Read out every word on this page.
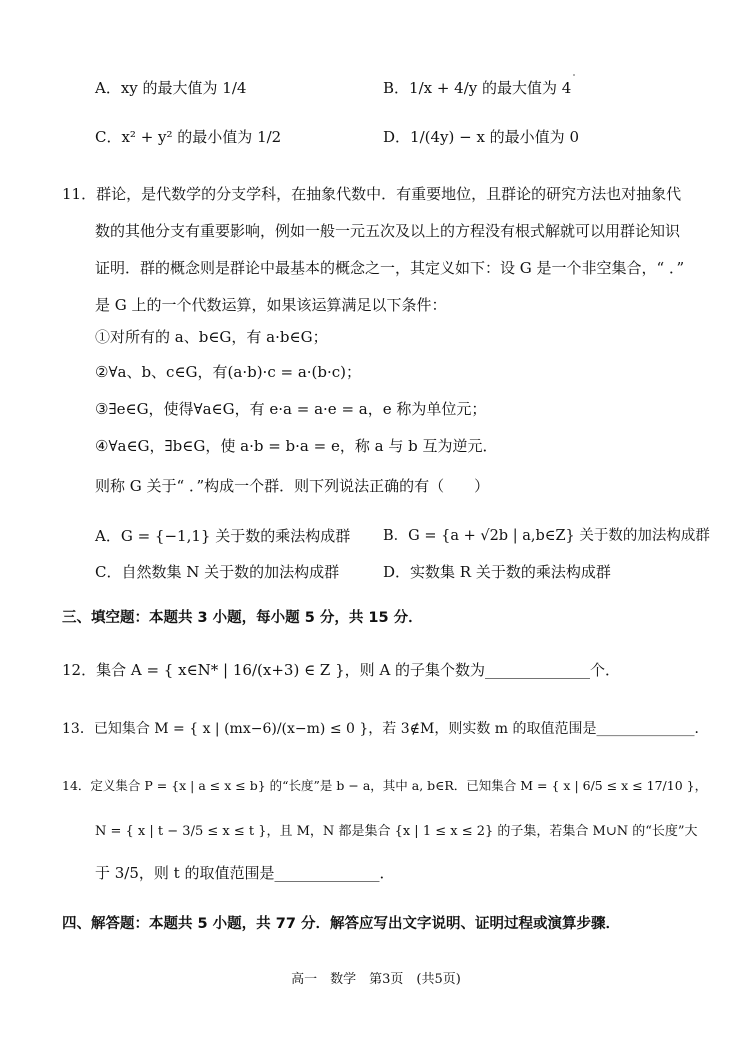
A．xy 的最大值为 1/4	B．1/x + 4/y 的最大值为 4
C．x² + y² 的最小值为 1/2	D．1/(4y) − x 的最小值为 0
11．群论，是代数学的分支学科，在抽象代数中．有重要地位，且群论的研究方法也对抽象代
数的其他分支有重要影响，例如一般一元五次及以上的方程没有根式解就可以用群论知识
证明．群的概念则是群论中最基本的概念之一，其定义如下：设 G 是一个非空集合，“ ．”
是 G 上的一个代数运算，如果该运算满足以下条件：
①对所有的 a、b∈G，有 a·b∈G；
②∀a、b、c∈G，有(a·b)·c = a·(b·c)；
③∃e∈G，使得∀a∈G，有 e·a = a·e = a，e 称为单位元；
④∀a∈G，∃b∈G，使 a·b = b·a = e，称 a 与 b 互为逆元．
则称 G 关于“ ．”构成一个群．则下列说法正确的有（　　）
A．G = {−1,1} 关于数的乘法构成群 B．G = {a + √2b | a,b∈Z} 关于数的加法构成群
C．自然数集 N 关于数的加法构成群	D．实数集 R 关于数的乘法构成群
三、填空题：本题共 3 小题，每小题 5 分，共 15 分．
12．集合 A = { x∈N* | 16/(x+3) ∈ Z }，则 A 的子集个数为______________个．
13．已知集合 M = { x | (mx−6)/(x−m) ≤ 0 }，若 3∉M，则实数 m 的取值范围是______________．
14．定义集合 P = {x | a ≤ x ≤ b} 的“长度”是 b − a，其中 a, b∈R．已知集合 M = { x | 6/5 ≤ x ≤ 17/10 }，
N = { x | t − 3/5 ≤ x ≤ t }，且 M，N 都是集合 {x | 1 ≤ x ≤ 2} 的子集，若集合 M∪N 的“长度”大
于 3/5，则 t 的取值范围是______________．
四、解答题：本题共 5 小题，共 77 分．解答应写出文字说明、证明过程或演算步骤．
高一　数学　第3页　(共5页)
